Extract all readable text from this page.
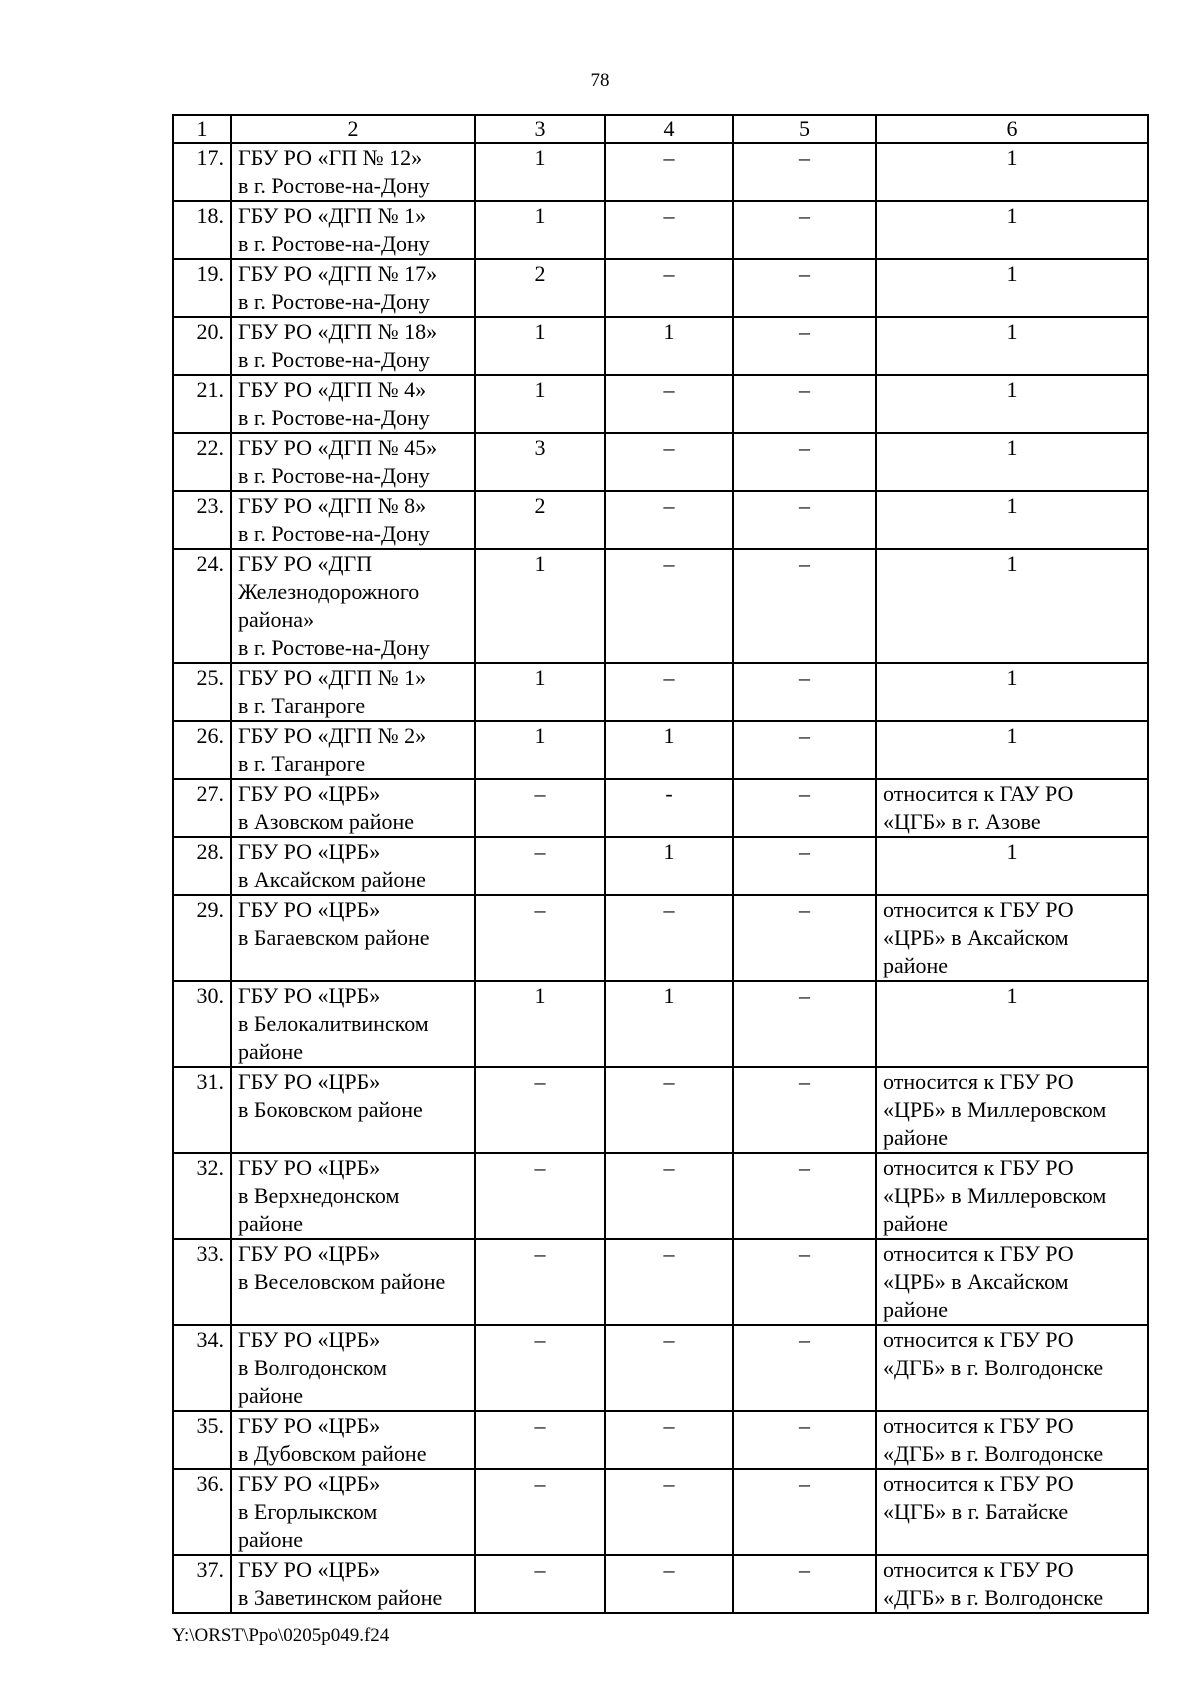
78
1	2	3	4	5	6
17.	ГБУ РО «ГП № 12»
в г. Ростове-на-Дону	1	–	–	1
18.	ГБУ РО «ДГП № 1»
в г. Ростове-на-Дону	1	–	–	1
19.	ГБУ РО «ДГП № 17»
в г. Ростове-на-Дону	2	–	–	1
20.	ГБУ РО «ДГП № 18»
в г. Ростове-на-Дону	1	1	–	1
21.	ГБУ РО «ДГП № 4»
в г. Ростове-на-Дону	1	–	–	1
22.	ГБУ РО «ДГП № 45»
в г. Ростове-на-Дону	3	–	–	1
23.	ГБУ РО «ДГП № 8»
в г. Ростове-на-Дону	2	–	–	1
24.	ГБУ РО «ДГП
Железнодорожного
района»
в г. Ростове-на-Дону	1	–	–	1
25.	ГБУ РО «ДГП № 1»
в г. Таганроге	1	–	–	1
26.	ГБУ РО «ДГП № 2»
в г. Таганроге	1	1	–	1
27.	ГБУ РО «ЦРБ»
в Азовском районе	–	-	–	относится к ГАУ РО
«ЦГБ» в г. Азове
28.	ГБУ РО «ЦРБ»
в Аксайском районе	–	1	–	1
29.	ГБУ РО «ЦРБ»
в Багаевском районе	–	–	–	относится к ГБУ РО
«ЦРБ» в Аксайском
районе
30.	ГБУ РО «ЦРБ»
в Белокалитвинском
районе	1	1	–	1
31.	ГБУ РО «ЦРБ»
в Боковском районе	–	–	–	относится к ГБУ РО
«ЦРБ» в Миллеровском
районе
32.	ГБУ РО «ЦРБ»
в Верхнедонском
районе	–	–	–	относится к ГБУ РО
«ЦРБ» в Миллеровском
районе
33.	ГБУ РО «ЦРБ»
в Веселовском районе	–	–	–	относится к ГБУ РО
«ЦРБ» в Аксайском
районе
34.	ГБУ РО «ЦРБ»
в Волгодонском
районе	–	–	–	относится к ГБУ РО
«ДГБ» в г. Волгодонске
35.	ГБУ РО «ЦРБ»
в Дубовском районе	–	–	–	относится к ГБУ РО
«ДГБ» в г. Волгодонске
36.	ГБУ РО «ЦРБ»
в Егорлыкском
районе	–	–	–	относится к ГБУ РО
«ЦГБ» в г. Батайске
37.	ГБУ РО «ЦРБ»
в Заветинском районе	–	–	–	относится к ГБУ РО
«ДГБ» в г. Волгодонске
Y:\ORST\Ppo\0205p049.f24
